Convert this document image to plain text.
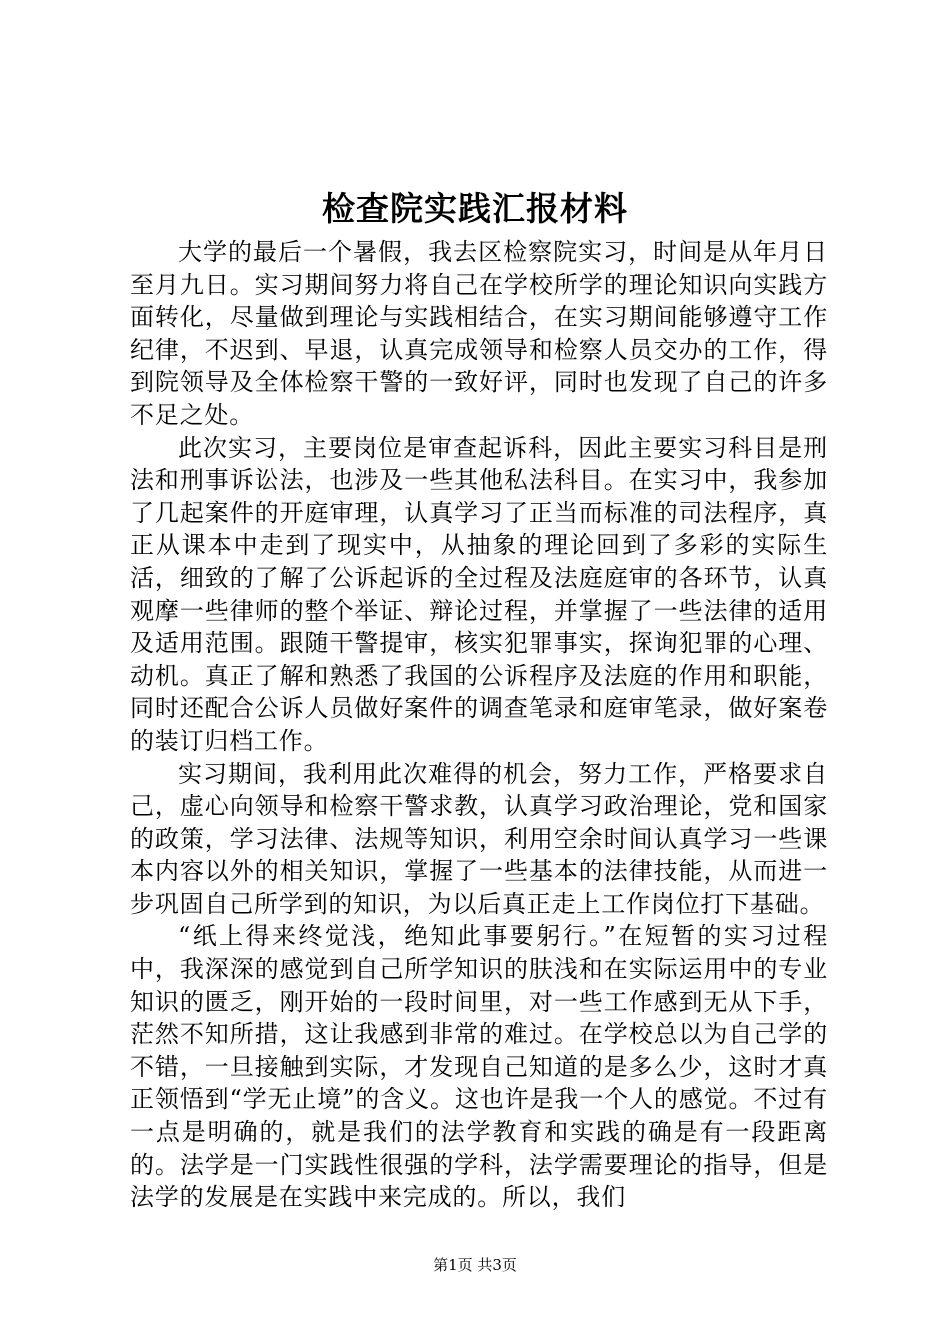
检查院实践汇报材料

大学的最后一个暑假，我去区检察院实习，时间是从年月日至月九日。实习期间努力将自己在学校所学的理论知识向实践方面转化，尽量做到理论与实践相结合，在实习期间能够遵守工作纪律，不迟到、早退，认真完成领导和检察人员交办的工作，得到院领导及全体检察干警的一致好评，同时也发现了自己的许多不足之处。

此次实习，主要岗位是审查起诉科，因此主要实习科目是刑法和刑事诉讼法，也涉及一些其他私法科目。在实习中，我参加了几起案件的开庭审理，认真学习了正当而标准的司法程序，真正从课本中走到了现实中，从抽象的理论回到了多彩的实际生活，细致的了解了公诉起诉的全过程及法庭庭审的各环节，认真观摩一些律师的整个举证、辩论过程，并掌握了一些法律的适用及适用范围。跟随干警提审，核实犯罪事实，探询犯罪的心理、动机。真正了解和熟悉了我国的公诉程序及法庭的作用和职能，同时还配合公诉人员做好案件的调查笔录和庭审笔录，做好案卷的装订归档工作。

实习期间，我利用此次难得的机会，努力工作，严格要求自己，虚心向领导和检察干警求教，认真学习政治理论，党和国家的政策，学习法律、法规等知识，利用空余时间认真学习一些课本内容以外的相关知识，掌握了一些基本的法律技能，从而进一步巩固自己所学到的知识，为以后真正走上工作岗位打下基础。

“纸上得来终觉浅，绝知此事要躬行。”在短暂的实习过程中，我深深的感觉到自己所学知识的肤浅和在实际运用中的专业知识的匮乏，刚开始的一段时间里，对一些工作感到无从下手，茫然不知所措，这让我感到非常的难过。在学校总以为自己学的不错，一旦接触到实际，才发现自己知道的是多么少，这时才真正领悟到“学无止境”的含义。这也许是我一个人的感觉。不过有一点是明确的，就是我们的法学教育和实践的确是有一段距离的。法学是一门实践性很强的学科，法学需要理论的指导，但是法学的发展是在实践中来完成的。所以，我们

第1页 共3页
